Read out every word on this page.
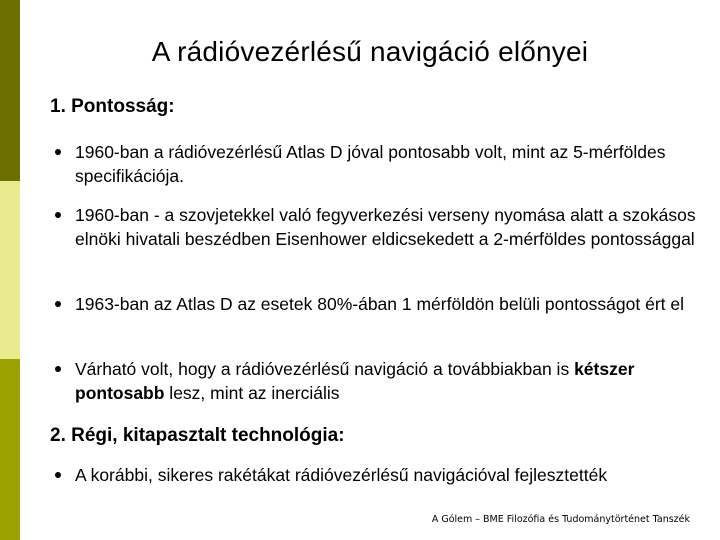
A rádióvezérlésű navigáció előnyei
1. Pontosság:
1960-ban a rádióvezérlésű Atlas D jóval pontosabb volt, mint az 5-mérföldes specifikációja.
1960-ban - a szovjetekkel való fegyverkezési verseny nyomása alatt a szokásos elnöki hivatali beszédben Eisenhower eldicsekedett a 2-mérföldes pontossággal
1963-ban az Atlas D az esetek 80%-ában 1 mérföldön belüli pontosságot ért el
Várható volt, hogy a rádióvezérlésű navigáció a továbbiakban is kétszer pontosabb lesz, mint az inerciális
2. Régi, kitapasztalt technológia:
A korábbi, sikeres rakétákat rádióvezérlésű navigációval fejlesztették
A Gólem – BME Filozófia és Tudománytörténet Tanszék
